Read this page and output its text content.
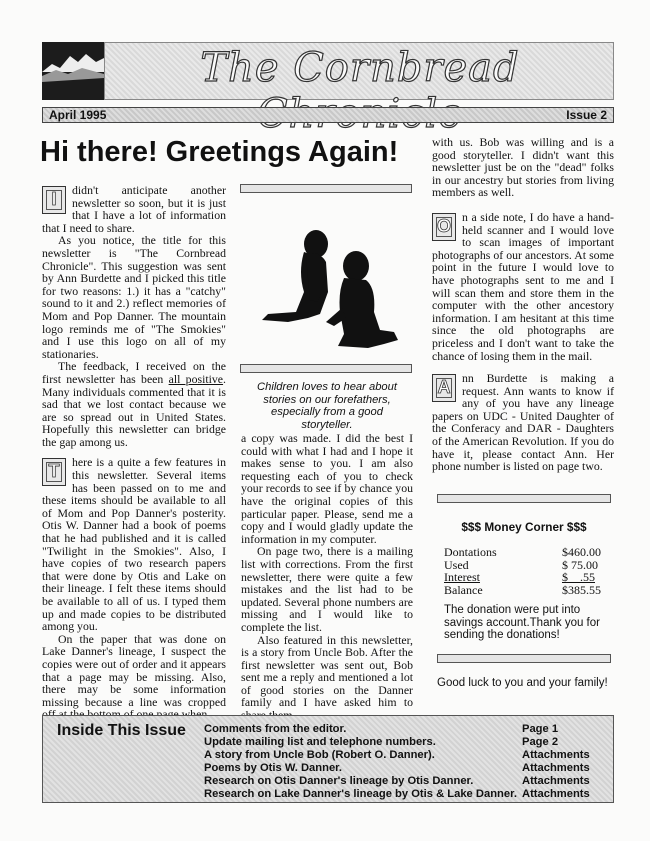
The Cornbread
April 1995	Issue 2
Hi there! Greetings Again!

I	didn't anticipate another newsletter so soon, but it is just that I have a lot of information that I need to share.

As you notice, the title for this newsletter is "The Cornbread Chronicle". This suggestion was sent by Ann Burdette and I picked this title for two reasons: 1.) it has a "catchy" sound to it and 2.) reflect memories of Mom and Pop Danner. The mountain logo reminds me of "The Smokies" and I use this logo on all of my stationaries.

The feedback, I received on the first newsletter has been all positive. Many individuals commented that it is sad that we lost contact because we are so spread out in United States. Hopefully this newsletter can bridge the gap among us.

T	here is a quite a few features in this newsletter. Several items has been passed on to me and these items should be available to all of Mom and Pop Danner's posterity. Otis W. Danner had a book of poems that he had published and it is called "Twilight in the Smokies". Also, I have copies of two research papers that were done by Otis and Lake on their lineage. I felt these items should be available to all of us. I typed them up and made copies to be distributed among you.

On the paper that was done on Lake Danner's lineage, I suspect the copies were out of order and it appears that a page may be missing. Also, there may be some information missing because a line was cropped

Children loves to hear about stories on our forefathers, especially from a good storyteller.

a copy was made. I did the best I could with what I had and I hope it makes sense to you. I am also requesting each of you to check your records to see if by chance you have the original copies of this particular paper. Please, send me a copy and I would gladly update the information in my computer.

On page two, there is a mailing list with corrections. From the first newsletter, there were quite a few mistakes and the list had to be updated. Several phone numbers are missing and I would like to complete the list.

Also featured in this newsletter, is a story from Uncle Bob. After the first newsletter was sent out, Bob sent me a reply and mentioned a lot of good stories on the Danner family and I have asked him to

with us. Bob was willing and is a good storyteller. I didn't want this newsletter just be on the "dead" folks in our ancestry but stories from living members as well.

O n a side note, I do have a hand-held scanner and I would love to scan images of important photographs of our ancestors. At some point in the future I would love to have photographs sent to me and I will scan them and store them in the computer with the other ancestory information. I am hesitant at this time since the old photographs are priceless and I don't want to take the chance of losing them in the mail.

A nn Burdette is making a request. Ann wants to know if any of you have any lineage papers on UDC - United Daughter of the Conferacy and DAR - Daughters of the American Revolution. If you do have it, please contact Ann. Her phone number is listed on page two.

$$$ Money Corner $$$
Dontations	$460.00
Used	$ 75.00
Interest	$    .55
Balance	$385.55
The donation were put into savings account.Thank you for sending the donations!
Good luck to you and your family!
Inside This Issue Comments from the editor.	Page 1
Update mailing list and telephone numbers.	Page 2
A story from Uncle Bob (Robert O. Danner).	Attachments
Poems by Otis W. Danner.	Attachments
Research on Otis Danner's lineage by Otis Danner.	Attachments
Research on Lake Danner's lineage by Otis & Lake Danner. Attachments
